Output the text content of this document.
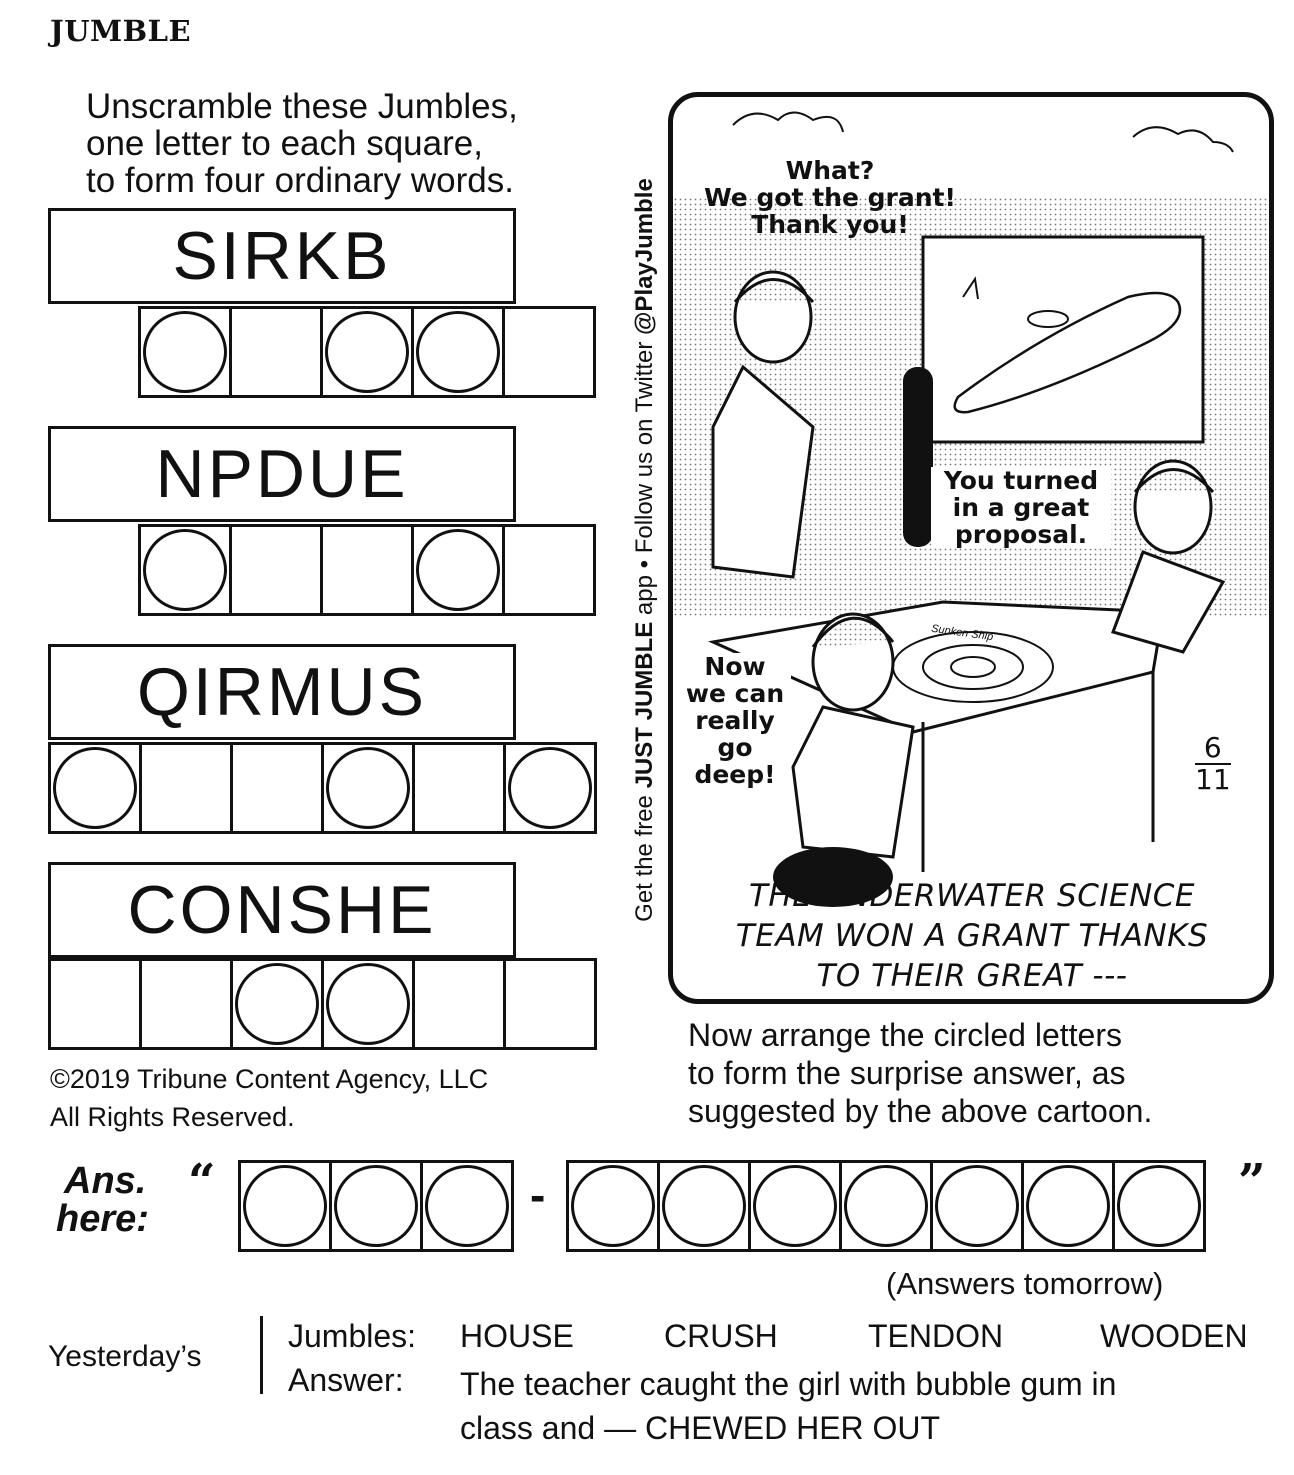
JUMBLE
Unscramble these Jumbles,
one letter to each square,
to form four ordinary words.
SIRKB
NPDUE
QIRMUS
CONSHE
©2019 Tribune Content Agency, LLC
All Rights Reserved.
Get the free JUST JUMBLE app • Follow us on Twitter @PlayJumble
What?
We got the grant!
Thank you!
You turned
in a great
proposal.
Now
we can
really
go
deep!
Sunken Ship
6
11
THE UNDERWATER SCIENCE
TEAM WON A GRANT THANKS
TO THEIR GREAT ---
Now arrange the circled letters
to form the surprise answer, as
suggested by the above cartoon.
Ans.
here:
“	-	”
(Answers tomorrow)
Yesterday’s
Jumbles: HOUSE	CRUSH	TENDON	WOODEN
Answer: The teacher caught the girl with bubble gum in
class and — CHEWED HER OUT
